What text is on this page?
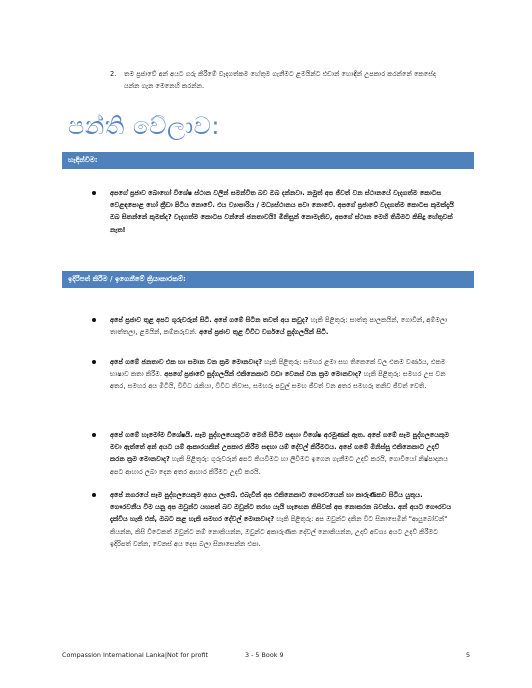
2. තම ප්‍රජාවේ අන් අයට ගරු කිරීමේ වැදගත්කම හේතුම ගැනීමට ළමයින්ට එඩාන් හොඳින් උපකාර කරන්නේ කෙසේද යන්න ගැන මෙනෙහි කරන්න.
පන්ති වේලාව:
හැඳින්වීම:
අපගේ ප්‍රජාව බොහෝ විශේෂ ස්ථාන වලින් සමන්විත බව ඔබ දන්නවා. නමුත් අප ජීවත් වන ස්ථානයේ වැදගත්ම කොටස වෙළඳපොළ හෝ ක්‍රීඩා පිටිය නොවේ. එය ව්‍යාපාරිය / මධ්‍යස්ථානය පවා නොවේ. අපගේ ප්‍රජාවේ වැදගත්ම කොටස කුමක්දැයි ඔබ සිතන්නේ කුමක්ද? වැදගත්ම කොටස වන්නේ ජනතාවයි! මිනිසුන් නොමැතිව, අපගේ ස්ථාන මෙහි තිබීමට කිසිදු හේතුවක් නැත!
ඉදිරිපත් කිරීම / ඉගෙනීමේ ක්‍රියාකාරකම්:
අපේ ප්‍රජාව තුළ අපට ගුරුවරුන් සිටී. අපේ ගමේ සිටින තවත් අය කවුද? හැකි පිළිතුරු: සාත්තු පාලකයින්, ගොවීන්, අම්මලා තාත්තලා, ළමයින්, කම්කරුවන්. අපේ ප්‍රජාව තුළ විවිධ වර්ගයේ පුද්ගලයින් සිටී.
අපේ ගමේ ජනතාව එක හා සමාන වන ක්‍රම මොනවාද? හැකි පිළිතුරු: සමහර ළමා සහ තිකෙකේ වල එකම වර්ණය, එකම භාෂාව කතා කිරීම. අපගේ ප්‍රජාවේ පුද්ගලයින් එකිනෙකාට වඩා වෙනස් වන ක්‍රම මොනවාද? හැකි පිළිතුරු: සමහර උස වන අතර, සමහර අය මිටියි, විවිධ රැකියා, විවිධ නිවාස, සමහරු පවුල් සමඟ ජීවත් වන අතර සමහරු තනිව ජීවත් වෙති.
අපේ ගමේ හැමෝම විශේෂයි. සෑම පුද්ගලයෙකුටම මෙහි සිටීම සඳහා විශේෂ අරමුණක් ඇත. අපේ ගමේ සෑම පුද්ගලයෙකුම මවා ඇත්තේ අන් අයට යම් ආකාරයකින් උපකාර කිරීම සඳහා යම් දේවල් කිරීමටය. අපේ ගමේ මිනිස්සු එකිනෙකාට උදව් කරන ක්‍රම මොනවාද? හැකි පිළිතුරු: ගුරුවරුන් අපට කියවීමට හා ලිවීමට ඉගෙන ගැනීමට උදව් කරයි, ගොවියෝ නිෂ්පාදනය අපට ආහාර ලබා දෙන අතර ආහාර කිරීමට උදව් කරයි.
අපේ නගරයේ සෑම පුද්ගලයෙකුම අගය ලැබේ. එබැවින් අප එකිනෙකාට ගෞරවයෙන් හා කාරුණිකව සිටිය යුතුය. ගෞරවනීය වීම යනු අප ඔවුන්ට යහපත් බව ඔවුන්ට තරහ යැයි හැඟෙන කිසිවක් අප නොකරන බවක්ය. අන් අයට ගෞරවය දැක්විය හැකි එක්, ඔබට කළ හැකි සමහර දේවල් මොනවාද? හැකි පිළිතුරු: අප ඔවුන්ට දකින විට සිනාසෙමින් "ආයුබෝවන්" කියන්න, කිසි විටෙකත් ඔවුන්ට නම් නොකියන්න, ඔවුන්ට අකාරුණික දේවල් නොකියන්න, උදව් අවශ්‍ය අයට උදව් කිරීමට ඉදිරිපත් වන්න, වෙනස් අය දෙස බලා සිනාසෙන්න එපා.
Compassion International Lanka|Not for profit	3 - 5 Book 9	5
